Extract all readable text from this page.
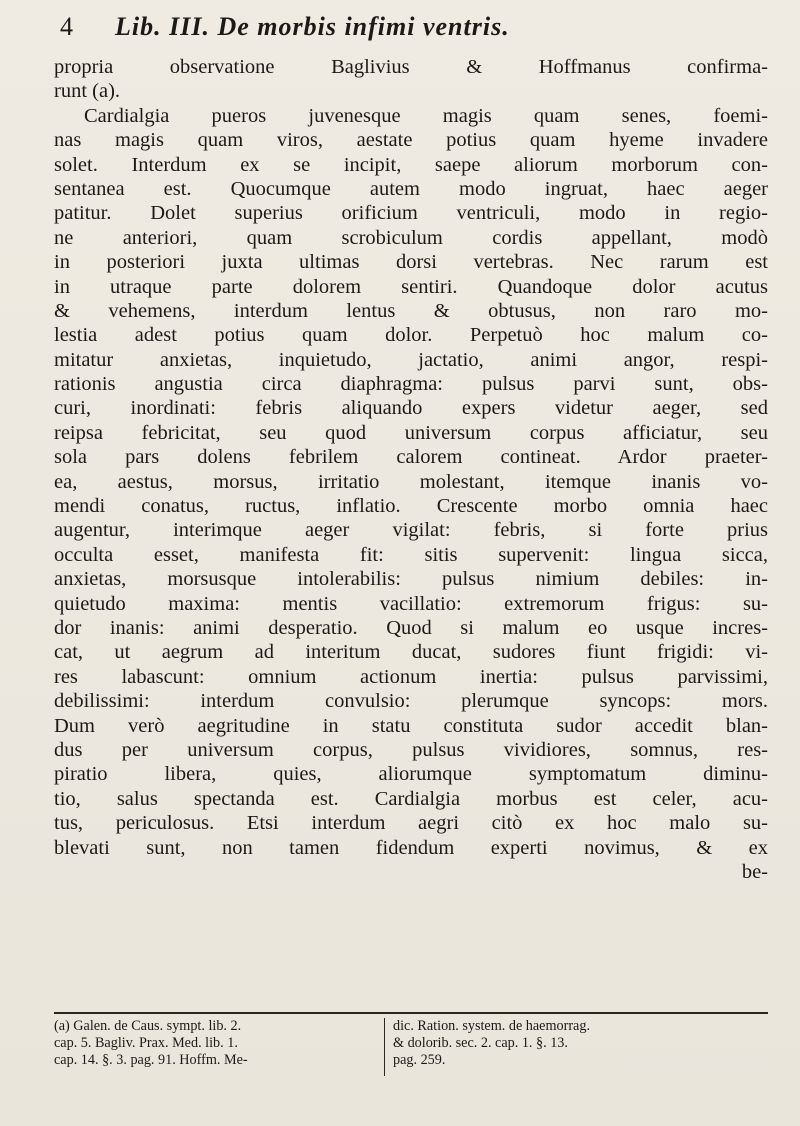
4 Lib. III. De morbis infimi ventris.
propria observatione Baglivius & Hoffmanus confirma-
runt (a).
Cardialgia pueros juvenesque magis quam senes, foemi-
nas magis quam viros, aestate potius quam hyeme invadere
solet. Interdum ex se incipit, saepe aliorum morborum con-
sentanea est. Quocumque autem modo ingruat, haec aeger
patitur. Dolet superius orificium ventriculi, modo in regio-
ne anteriori, quam scrobiculum cordis appellant, modò
in posteriori juxta ultimas dorsi vertebras. Nec rarum est
in utraque parte dolorem sentiri. Quandoque dolor acutus
& vehemens, interdum lentus & obtusus, non raro mo-
lestia adest potius quam dolor. Perpetuò hoc malum co-
mitatur anxietas, inquietudo, jactatio, animi angor, respi-
rationis angustia circa diaphragma: pulsus parvi sunt, obs-
curi, inordinati: febris aliquando expers videtur aeger, sed
reipsa febricitat, seu quod universum corpus afficiatur, seu
sola pars dolens febrilem calorem contineat. Ardor praeter-
ea, aestus, morsus, irritatio molestant, itemque inanis vo-
mendi conatus, ructus, inflatio. Crescente morbo omnia haec
augentur, interimque aeger vigilat: febris, si forte prius
occulta esset, manifesta fit: sitis supervenit: lingua sicca,
anxietas, morsusque intolerabilis: pulsus nimium debiles: in-
quietudo maxima: mentis vacillatio: extremorum frigus: su-
dor inanis: animi desperatio. Quod si malum eo usque incres-
cat, ut aegrum ad interitum ducat, sudores fiunt frigidi: vi-
res labascunt: omnium actionum inertia: pulsus parvissimi,
debilissimi: interdum convulsio: plerumque syncops: mors.
Dum verò aegritudine in statu constituta sudor accedit blan-
dus per universum corpus, pulsus vividiores, somnus, res-
piratio libera, quies, aliorumque symptomatum diminu-
tio, salus spectanda est. Cardialgia morbus est celer, acu-
tus, periculosus. Etsi interdum aegri citò ex hoc malo su-
blevati sunt, non tamen fidendum experti novimus, & ex
be-
(a) Galen. de Caus. sympt. lib. 2.
cap. 5. Bagliv. Prax. Med. lib. 1.
cap. 14. §. 3. pag. 91. Hoffm. Me-
dic. Ration. system. de haemorrag.
& dolorib. sec. 2. cap. 1. §. 13.
pag. 259.
